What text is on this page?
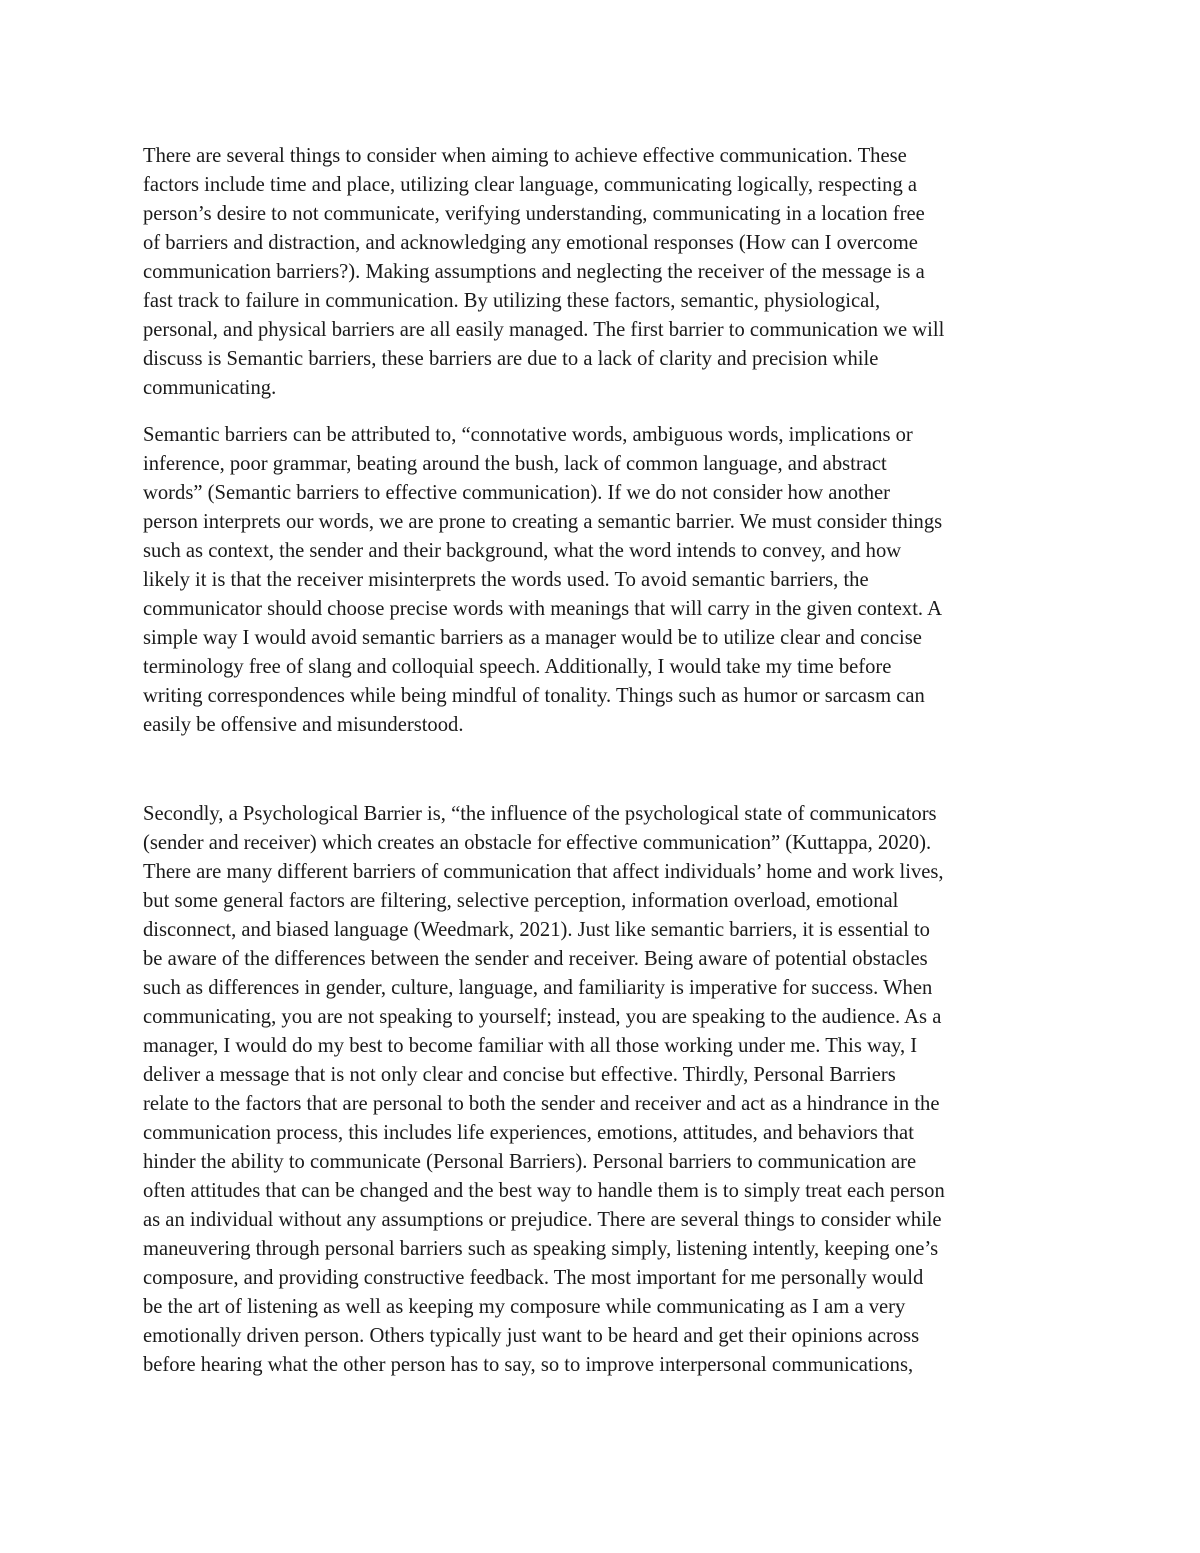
There are several things to consider when aiming to achieve effective communication. These
factors include time and place, utilizing clear language, communicating logically, respecting a
person’s desire to not communicate, verifying understanding, communicating in a location free
of barriers and distraction, and acknowledging any emotional responses (How can I overcome
communication barriers?). Making assumptions and neglecting the receiver of the message is a
fast track to failure in communication. By utilizing these factors, semantic, physiological,
personal, and physical barriers are all easily managed. The first barrier to communication we will
discuss is Semantic barriers, these barriers are due to a lack of clarity and precision while
communicating.

Semantic barriers can be attributed to, “connotative words, ambiguous words, implications or
inference, poor grammar, beating around the bush, lack of common language, and abstract
words” (Semantic barriers to effective communication). If we do not consider how another
person interprets our words, we are prone to creating a semantic barrier. We must consider things
such as context, the sender and their background, what the word intends to convey, and how
likely it is that the receiver misinterprets the words used. To avoid semantic barriers, the
communicator should choose precise words with meanings that will carry in the given context. A
simple way I would avoid semantic barriers as a manager would be to utilize clear and concise
terminology free of slang and colloquial speech. Additionally, I would take my time before
writing correspondences while being mindful of tonality. Things such as humor or sarcasm can
easily be offensive and misunderstood.

Secondly, a Psychological Barrier is, “the influence of the psychological state of communicators
(sender and receiver) which creates an obstacle for effective communication” (Kuttappa, 2020).
There are many different barriers of communication that affect individuals’ home and work lives,
but some general factors are filtering, selective perception, information overload, emotional
disconnect, and biased language (Weedmark, 2021). Just like semantic barriers, it is essential to
be aware of the differences between the sender and receiver. Being aware of potential obstacles
such as differences in gender, culture, language, and familiarity is imperative for success. When
communicating, you are not speaking to yourself; instead, you are speaking to the audience. As a
manager, I would do my best to become familiar with all those working under me. This way, I
deliver a message that is not only clear and concise but effective. Thirdly, Personal Barriers
relate to the factors that are personal to both the sender and receiver and act as a hindrance in the
communication process, this includes life experiences, emotions, attitudes, and behaviors that
hinder the ability to communicate (Personal Barriers). Personal barriers to communication are
often attitudes that can be changed and the best way to handle them is to simply treat each person
as an individual without any assumptions or prejudice. There are several things to consider while
maneuvering through personal barriers such as speaking simply, listening intently, keeping one’s
composure, and providing constructive feedback. The most important for me personally would
be the art of listening as well as keeping my composure while communicating as I am a very
emotionally driven person. Others typically just want to be heard and get their opinions across
before hearing what the other person has to say, so to improve interpersonal communications,
